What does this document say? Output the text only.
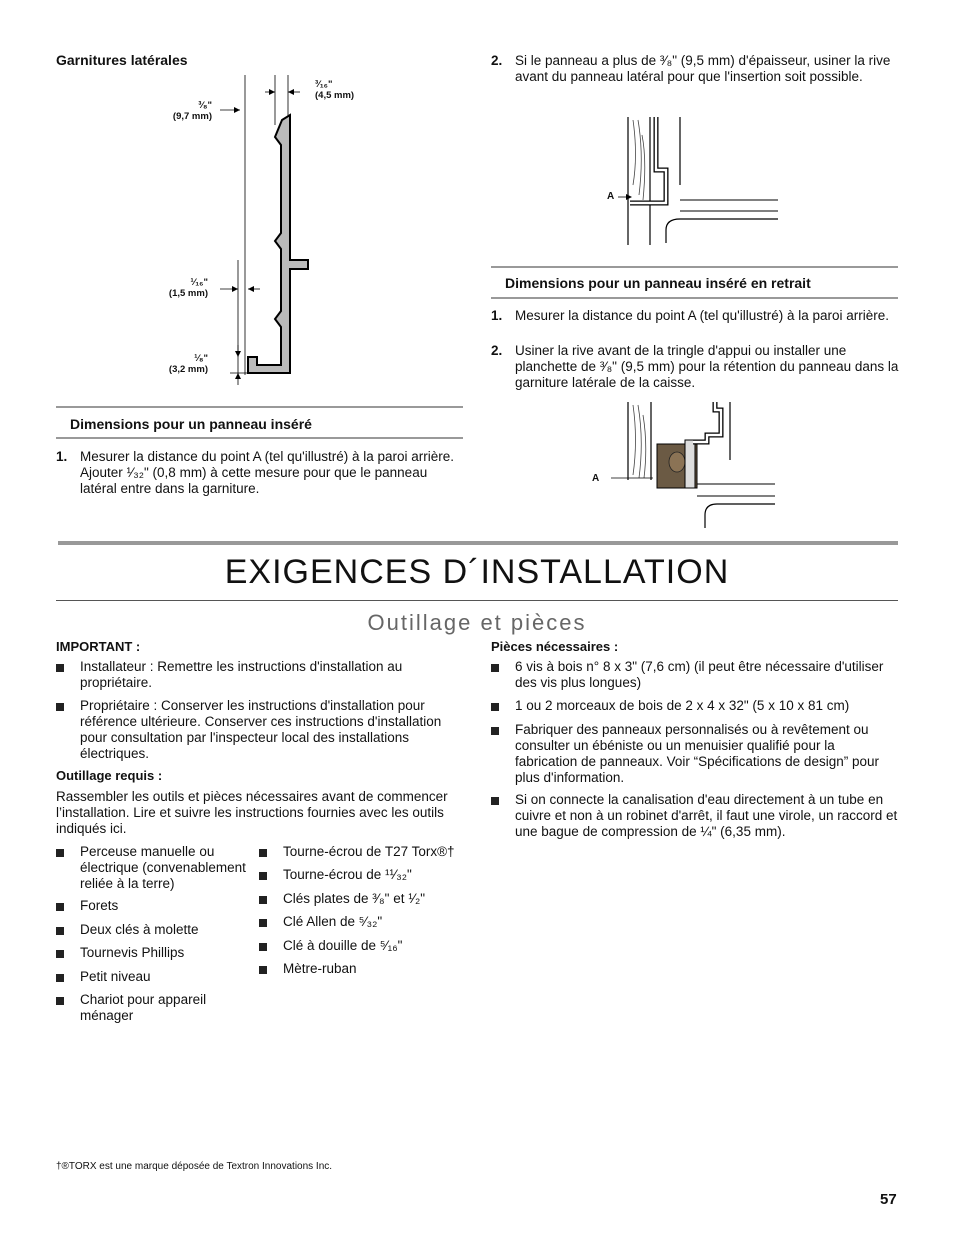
Garnitures latérales
³⁄₈"
(9,7 mm)
³⁄₁₆"
(4,5 mm)
¹⁄₁₆"
(1,5 mm)
¹⁄₈"
(3,2 mm)
Dimensions pour un panneau inséré
1. Mesurer la distance du point A (tel qu'illustré) à la paroi arrière. Ajouter ¹⁄₃₂" (0,8 mm) à cette mesure pour que le panneau latéral entre dans la garniture.
2. Si le panneau a plus de ³⁄₈" (9,5 mm) d'épaisseur, usiner la rive avant du panneau latéral pour que l'insertion soit possible.
A
Dimensions pour un panneau inséré en retrait
1. Mesurer la distance du point A (tel qu'illustré) à la paroi arrière.
2. Usiner la rive avant de la tringle d'appui ou installer une planchette de ³⁄₈" (9,5 mm) pour la rétention du panneau dans la garniture latérale de la caisse.
A
EXIGENCES D´INSTALLATION
Outillage et pièces
IMPORTANT :
Installateur : Remettre les instructions d'installation au propriétaire.
Propriétaire : Conserver les instructions d'installation pour référence ultérieure. Conserver ces instructions d'installation pour consultation par l'inspecteur local des installations électriques.
Outillage requis :
Rassembler les outils et pièces nécessaires avant de commencer l’installation. Lire et suivre les instructions fournies avec les outils indiqués ici.
Perceuse manuelle ou électrique (convenablement reliée à la terre)
Forets
Deux clés à molette
Tournevis Phillips
Petit niveau
Chariot pour appareil ménager
Tourne-écrou de T27 Torx®†
Tourne-écrou de ¹¹⁄₃₂"
Clés plates de ³⁄₈" et ¹⁄₂"
Clé Allen de ⁵⁄₃₂"
Clé à douille de ⁵⁄₁₆"
Mètre-ruban
Pièces nécessaires :
6 vis à bois n° 8 x 3" (7,6 cm) (il peut être nécessaire d'utiliser des vis plus longues)
1 ou 2 morceaux de bois de 2 x 4 x 32" (5 x 10 x 81 cm)
Fabriquer des panneaux personnalisés ou à revêtement ou consulter un ébéniste ou un menuisier qualifié pour la fabrication de panneaux. Voir “Spécifications de design” pour plus d'information.
Si on connecte la canalisation d'eau directement à un tube en cuivre et non à un robinet d'arrêt, il faut une virole, un raccord et une bague de compression de ¼" (6,35 mm).
†®TORX est une marque déposée de Textron Innovations Inc.
57
